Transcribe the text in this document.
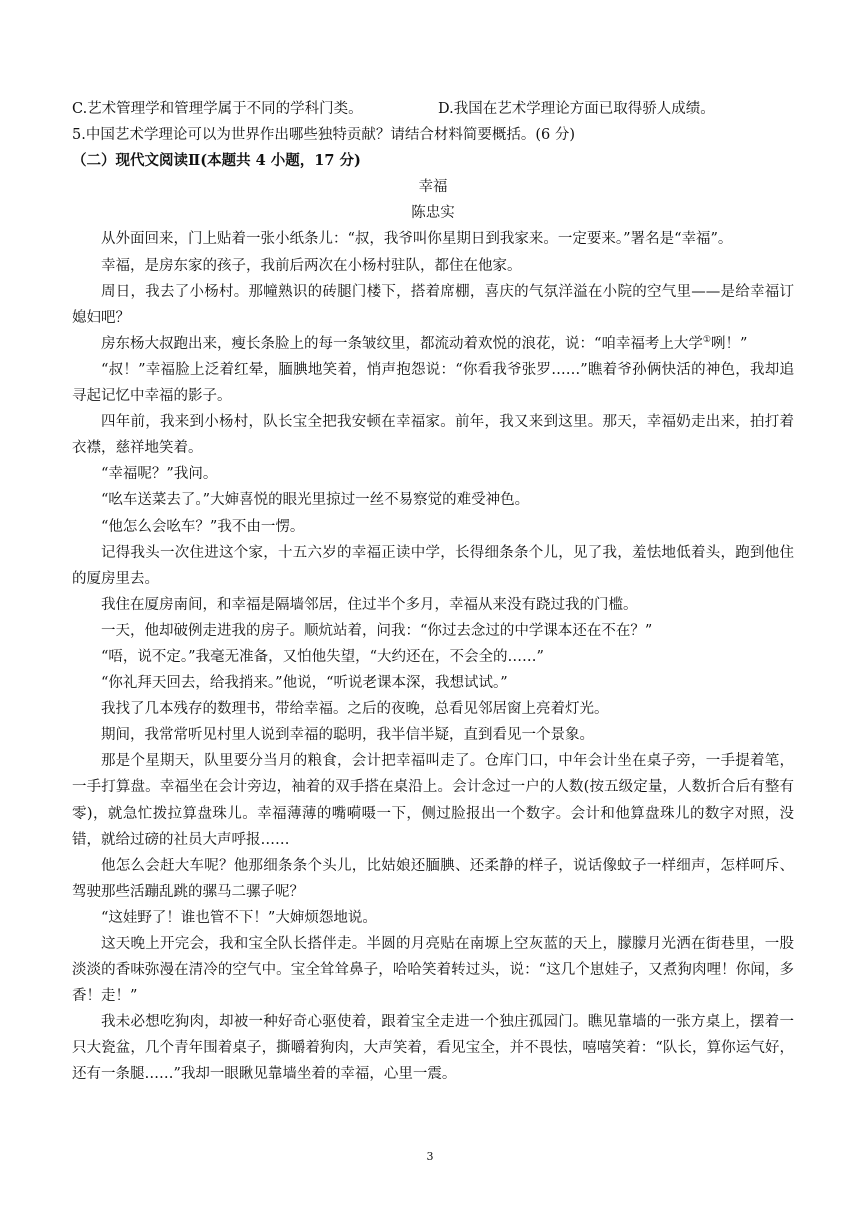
C.艺术管理学和管理学属于不同的学科门类。	D.我国在艺术学理论方面已取得骄人成绩。
5.中国艺术学理论可以为世界作出哪些独特贡献？请结合材料简要概括。(6 分)
（二）现代文阅读Ⅱ(本题共 4 小题，17 分)
幸福
陈忠实
从外面回来，门上贴着一张小纸条儿：“叔，我爷叫你星期日到我家来。一定要来。”署名是“幸福”。
幸福，是房东家的孩子，我前后两次在小杨村驻队，都住在他家。
周日，我去了小杨村。那幢熟识的砖腿门楼下，搭着席棚，喜庆的气氛洋溢在小院的空气里——是给幸福订媳妇吧？
房东杨大叔跑出来，瘦长条脸上的每一条皱纹里，都流动着欢悦的浪花，说：“咱幸福考上大学①咧！”
“叔！”幸福脸上泛着红晕，腼腆地笑着，悄声抱怨说：“你看我爷张罗……”瞧着爷孙俩快活的神色，我却追寻起记忆中幸福的影子。
四年前，我来到小杨村，队长宝全把我安顿在幸福家。前年，我又来到这里。那天，幸福奶走出来，拍打着衣襟，慈祥地笑着。
“幸福呢？”我问。
“吆车送菜去了。”大婶喜悦的眼光里掠过一丝不易察觉的难受神色。
“他怎么会吆车？”我不由一愣。
记得我头一次住进这个家，十五六岁的幸福正读中学，长得细条条个儿，见了我，羞怯地低着头，跑到他住的厦房里去。
我住在厦房南间，和幸福是隔墙邻居，住过半个多月，幸福从来没有跷过我的门槛。
一天，他却破例走进我的房子。顺炕站着，问我：“你过去念过的中学课本还在不在？”
“唔，说不定。”我毫无准备，又怕他失望，“大约还在，不会全的……”
“你礼拜天回去，给我捎来。”他说，“听说老课本深，我想试试。”
我找了几本残存的数理书，带给幸福。之后的夜晚，总看见邻居窗上亮着灯光。
期间，我常常听见村里人说到幸福的聪明，我半信半疑，直到看见一个景象。
那是个星期天，队里要分当月的粮食，会计把幸福叫走了。仓库门口，中年会计坐在桌子旁，一手提着笔，一手打算盘。幸福坐在会计旁边，袖着的双手搭在桌沿上。会计念过一户的人数(按五级定量，人数折合后有整有零)，就急忙拨拉算盘珠儿。幸福薄薄的嘴嗬嗫一下，侧过脸报出一个数字。会计和他算盘珠儿的数字对照，没错，就给过磅的社员大声呼报……
他怎么会赶大车呢？他那细条条个头儿，比姑娘还腼腆、还柔静的样子，说话像蚊子一样细声，怎样呵斥、驾驶那些活蹦乱跳的骡马二骡子呢？
“这娃野了！谁也管不下！”大婶烦怨地说。
这天晚上开完会，我和宝全队长搭伴走。半圆的月亮贴在南塬上空灰蓝的天上，朦朦月光洒在街巷里，一股淡淡的香味弥漫在清冷的空气中。宝全耸耸鼻子，哈哈笑着转过头，说：“这几个崽娃子，又煮狗肉哩！你闻，多香！走！”
我未必想吃狗肉，却被一种好奇心驱使着，跟着宝全走进一个独庄孤园门。瞧见靠墙的一张方桌上，摆着一只大瓷盆，几个青年围着桌子，撕嚼着狗肉，大声笑着，看见宝全，并不畏怯，嘻嘻笑着：“队长，算你运气好，还有一条腿……”我却一眼瞅见靠墙坐着的幸福，心里一震。
3
